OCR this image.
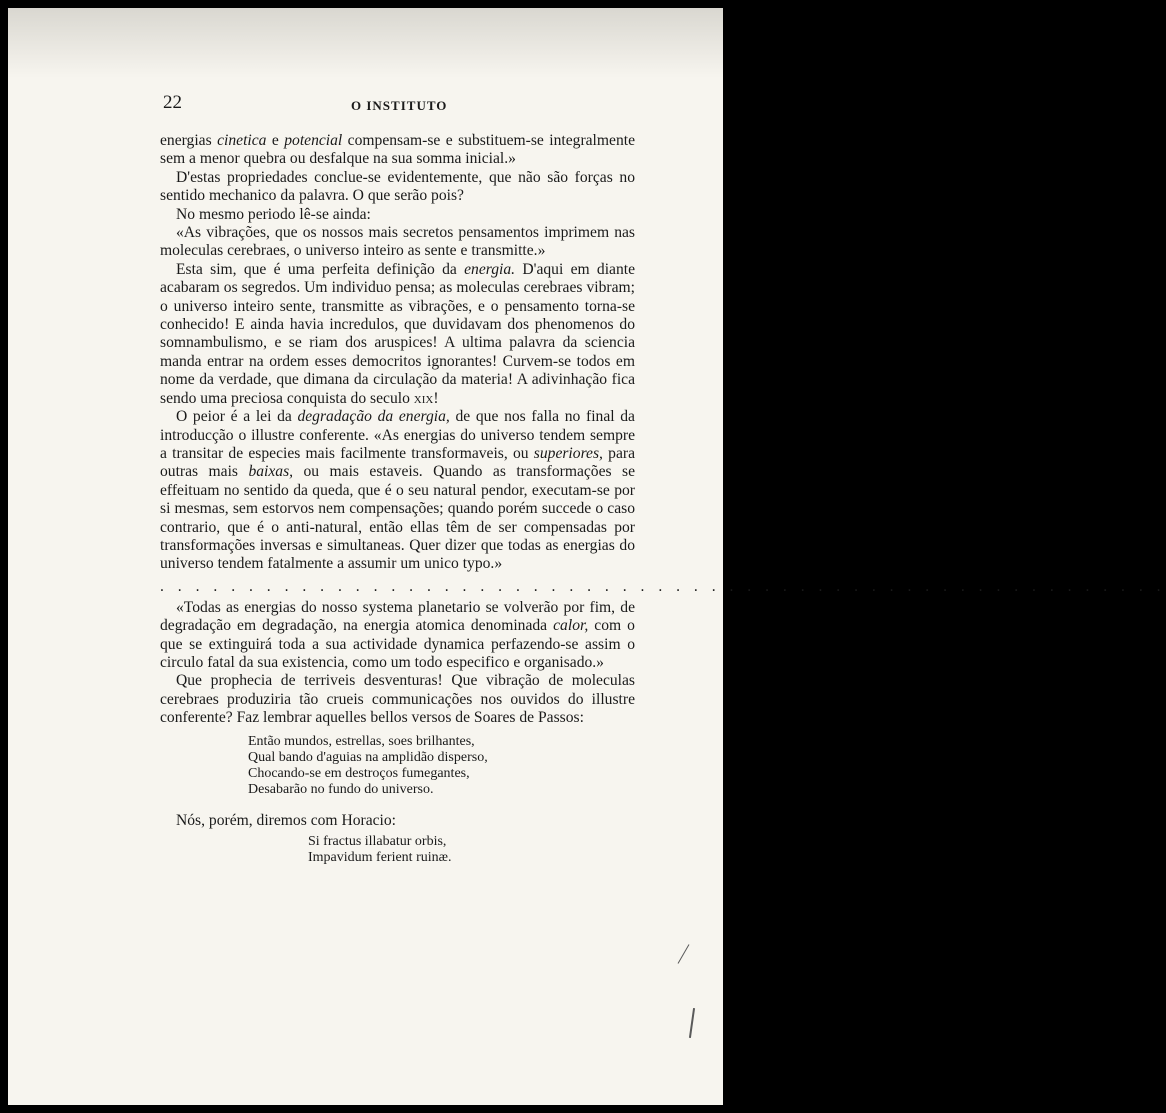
22	O INSTITUTO

energias cinetica e potencial compensam-se e substituem-se integralmente sem a menor quebra ou desfalque na sua somma inicial.»

D'estas propriedades conclue-se evidentemente, que não são forças no sentido mechanico da palavra. O que serão pois?

No mesmo periodo lê-se ainda:

«As vibrações, que os nossos mais secretos pensamentos imprimem nas moleculas cerebraes, o universo inteiro as sente e transmitte.»

Esta sim, que é uma perfeita definição da energia. D'aqui em diante acabaram os segredos. Um individuo pensa; as moleculas cerebraes vibram; o universo inteiro sente, transmitte as vibrações, e o pensamento torna-se conhecido! E ainda havia incredulos, que duvidavam dos phenomenos do somnambulismo, e se riam dos aruspices! A ultima palavra da sciencia manda entrar na ordem esses democritos ignorantes! Curvem-se todos em nome da verdade, que dimana da circulação da materia! A adivinhação fica sendo uma preciosa conquista do seculo xix!

O peior é a lei da degradação da energia, de que nos falla no final da introducção o illustre conferente. «As energias do universo tendem sempre a transitar de especies mais facilmente transformaveis, ou superiores, para outras mais baixas, ou mais estaveis. Quando as transformações se effeituam no sentido da queda, que é o seu natural pendor, executam-se por si mesmas, sem estorvos nem compensações; quando porém succede o caso contrario, que é o anti-natural, então ellas têm de ser compensadas por transformações inversas e simultaneas. Quer dizer que todas as energias do universo tendem fatalmente a assumir um unico typo.»

. . . . . . . . . . . . . . . . . . . . . . . . . . . . . . . . . . . . . . . . . . . . . . . . . . . . . . . . .

«Todas as energias do nosso systema planetario se volverão por fim, de degradação em degradação, na energia atomica denominada calor, com o que se extinguirá toda a sua actividade dynamica perfazendo-se assim o circulo fatal da sua existencia, como um todo especifico e organisado.»

Que prophecia de terriveis desventuras! Que vibração de moleculas cerebraes produziria tão crueis communicações nos ouvidos do illustre conferente? Faz lembrar aquelles bellos versos de Soares de Passos:

Então mundos, estrellas, soes brilhantes,
Qual bando d'aguias na amplidão disperso,
Chocando-se em destroços fumegantes,
Desabarão no fundo do universo.

Nós, porém, diremos com Horacio:

Si fractus illabatur orbis,
Impavidum ferient ruinæ.
